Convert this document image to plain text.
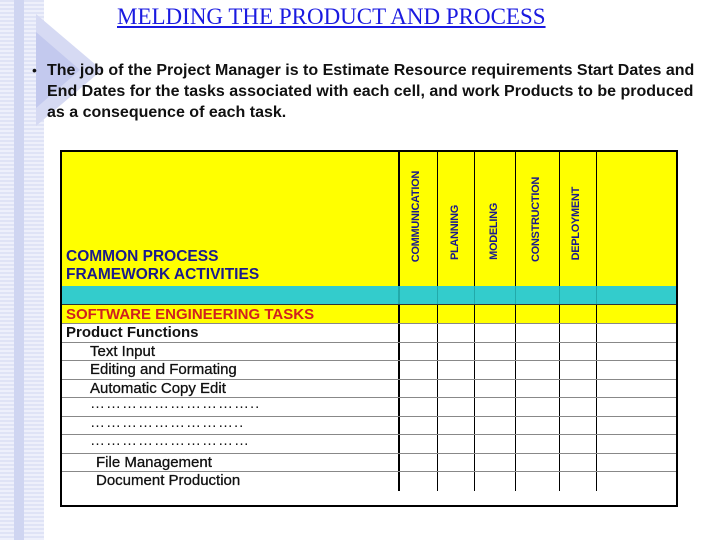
MELDING THE PRODUCT AND PROCESS
• The job of the Project Manager is to Estimate Resource requirements Start Dates and End Dates for the tasks associated with each cell, and work Products to be produced as a consequence of each task.
COMMON PROCESS
FRAMEWORK ACTIVITIES
COMMUNICATION PLANNING MODELING	CONSTRUCTION	DEPLOYMENT
SOFTWARE ENGINEERING TASKS
Product Functions
Text Input
Editing and Formating
Automatic Copy Edit
…………………………..
………………………..
…………………………
File Management
Document Production
